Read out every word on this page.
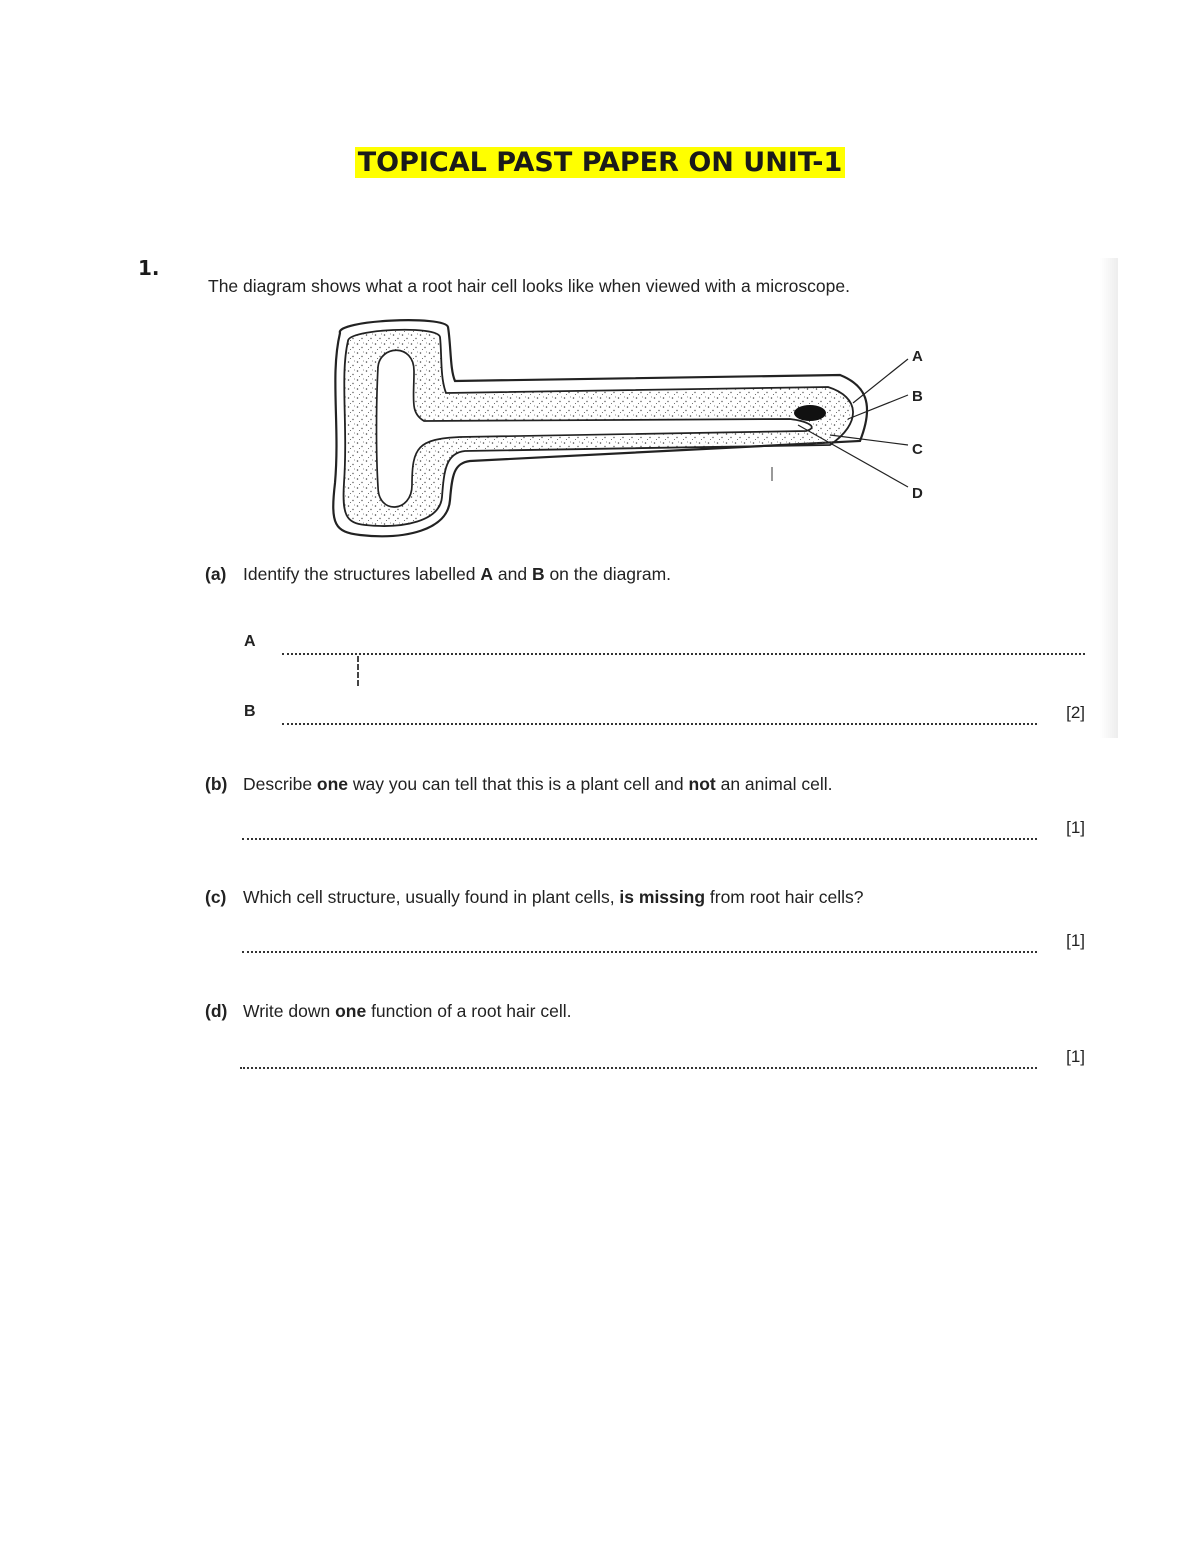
TOPICAL PAST PAPER ON UNIT-1
1.
The diagram shows what a root hair cell looks like when viewed with a microscope.
A
B
C
D
(a) Identify the structures labelled A and B on the diagram.
A
B	[2]
(b) Describe one way you can tell that this is a plant cell and not an animal cell.
[1]
(c) Which cell structure, usually found in plant cells, is missing from root hair cells?
[1]
(d) Write down one function of a root hair cell.
[1]
